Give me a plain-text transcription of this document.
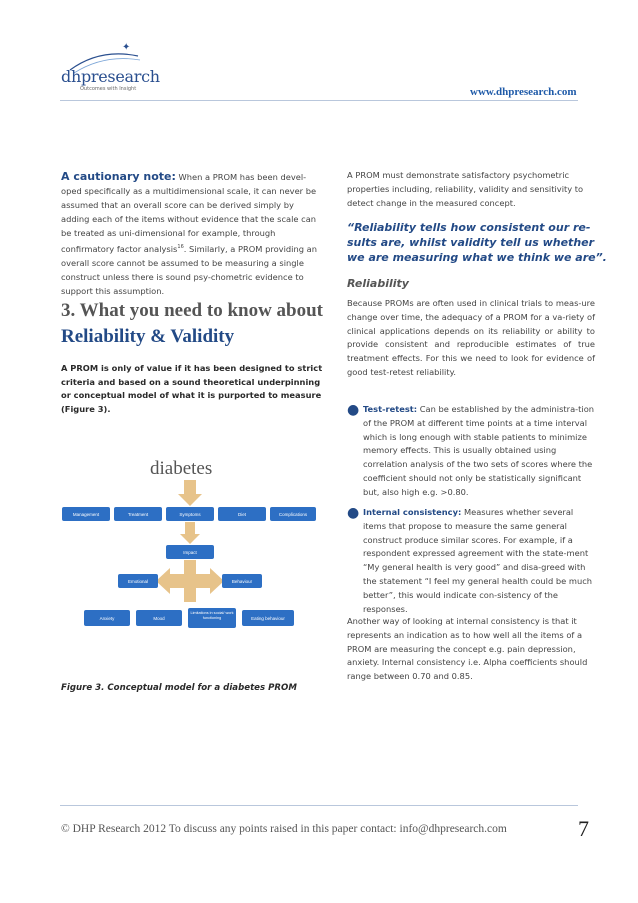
✦
dhpresearch
Outcomes with Insight	www.dhpresearch.com

A cautionary note: When a PROM has been devel-oped specifically as a multidimensional scale, it can never be assumed that an overall score can be derived simply by adding each of the items without evidence that the scale can be treated as uni-dimensional for example, through confirmatory factor analysis$^{16}$. Similarly, a PROM providing an overall score cannot be assumed to be measuring a single construct unless there is sound psy-chometric evidence to support this assumption.

3. What you need to know about Reliability & Validity

A PROM is only of value if it has been designed to strict criteria and based on a sound theoretical underpinning or conceptual model of what it is purported to measure (Figure 3).

diabetes
Management	Treatment	Symptoms	Diet	Complications
Impact
Emotional	Behaviour
Anxiety	Mood
Limitations in social/ work functioning	Eating behaviour
Figure 3. Conceptual model for a diabetes PROM

A PROM must demonstrate satisfactory psychometric properties including, reliability, validity and sensitivity to detect change in the measured concept.

“Reliability tells how consistent our re-sults are, whilst validity tell us whether we are measuring what we think we are”.

Reliability

Because PROMs are often used in clinical trials to meas-ure change over time, the adequacy of a PROM for a va-riety of clinical applications depends on its reliability or ability to provide consistent and reproducible estimates of true treatment effects. For this we need to look for evidence of good test-retest reliability.

● Test-retest: Can be established by the administra-tion of the PROM at different time points at a time interval which is long enough with stable patients to minimize memory effects. This is usually obtained using correlation analysis of the two sets of scores where the coefficient should not only be statistically significant but, also high e.g. >0.80.

● Internal consistency: Measures whether several items that propose to measure the same general construct produce similar scores. For example, if a respondent expressed agreement with the state-ment “My general health is very good” and disa-greed with the statement “I feel my general health could be much better”, this would indicate con-sistency of the responses.

Another way of looking at internal consistency is that it represents an indication as to how well all the items of a PROM are measuring the concept e.g. pain depression, anxiety. Internal consistency i.e. Alpha coefficients should range between 0.70 and 0.85.

© DHP Research 2012 To discuss any points raised in this paper contact: info@dhpresearch.com	7
